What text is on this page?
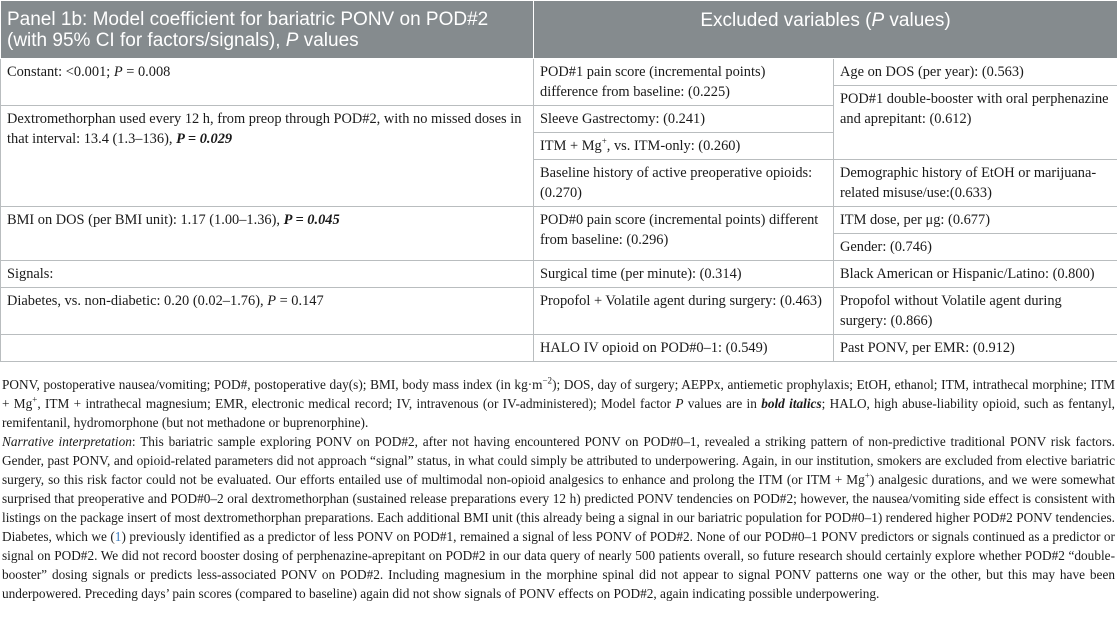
Panel 1b: Model coefficient for bariatric PONV on POD#2 (with 95% CI for factors/signals), P values	Excluded variables (P values)	
Constant: <0.001; P = 0.008	POD#1 pain score (incremental points) difference from baseline: (0.225)	Age on DOS (per year): (0.563)
		POD#1 double-booster with oral perphenazine and aprepitant: (0.612)
Dextromethorphan used every 12 h, from preop through POD#2, with no missed doses in that interval: 13.4 (1.3–136), P = 0.029	Sleeve Gastrectomy: (0.241)	
	ITM + Mg+, vs. ITM-only: (0.260)	
	Baseline history of active preoperative opioids: (0.270)	Demographic history of EtOH or marijuana-related misuse/use:(0.633)

BMI on DOS (per BMI unit): 1.17 (1.00–1.36), P = 0.045	POD#0 pain score (incremental points) different from baseline: (0.296)	ITM dose, per μg: (0.677)
		Gender: (0.746)
Signals:	Surgical time (per minute): (0.314)	Black American or Hispanic/Latino: (0.800)
Diabetes, vs. non-diabetic: 0.20 (0.02–1.76), P = 0.147	Propofol + Volatile agent during surgery: (0.463)	Propofol without Volatile agent during surgery: (0.866)
	HALO IV opioid on POD#0–1: (0.549)	Past PONV, per EMR: (0.912)

PONV, postoperative nausea/vomiting; POD#, postoperative day(s); BMI, body mass index (in $kg\cdot m^{-2}$); DOS, day of surgery; AEPPx, antiemetic prophylaxis; EtOH, ethanol; ITM, intrathecal morphine; ITM + Mg+, ITM + intrathecal magnesium; EMR, electronic medical record; IV, intravenous (or IV-administered); Model factor P values are in bold italics; HALO, high abuse-liability opioid, such as fentanyl, remifentanil, hydromorphone (but not methadone or buprenorphine).

Narrative interpretation: This bariatric sample exploring PONV on POD#2, after not having encountered PONV on POD#0–1, revealed a striking pattern of non-predictive traditional PONV risk factors. Gender, past PONV, and opioid-related parameters did not approach “signal” status, in what could simply be attributed to underpowering. Again, in our institution, smokers are excluded from elective bariatric surgery, so this risk factor could not be evaluated. Our efforts entailed use of multimodal non-opioid analgesics to enhance and prolong the ITM (or ITM + Mg+) analgesic durations, and we were somewhat surprised that preoperative and POD#0–2 oral dextromethorphan (sustained release preparations every 12 h) predicted PONV tendencies on POD#2; however, the nausea/vomiting side effect is consistent with listings on the package insert of most dextromethorphan preparations. Each additional BMI unit (this already being a signal in our bariatric population for POD#0–1) rendered higher POD#2 PONV tendencies. Diabetes, which we (1) previously identified as a predictor of less PONV on POD#1, remained a signal of less PONV of POD#2. None of our POD#0–1 PONV predictors or signals continued as a predictor or signal on POD#2. We did not record booster dosing of perphenazine-aprepitant on POD#2 in our data query of nearly 500 patients overall, so future research should certainly explore whether POD#2 “double-booster” dosing signals or predicts less-associated PONV on POD#2. Including magnesium in the morphine spinal did not appear to signal PONV patterns one way or the other, but this may have been underpowered. Preceding days’ pain scores (compared to baseline) again did not show signals of PONV effects on POD#2, again indicating possible underpowering.
